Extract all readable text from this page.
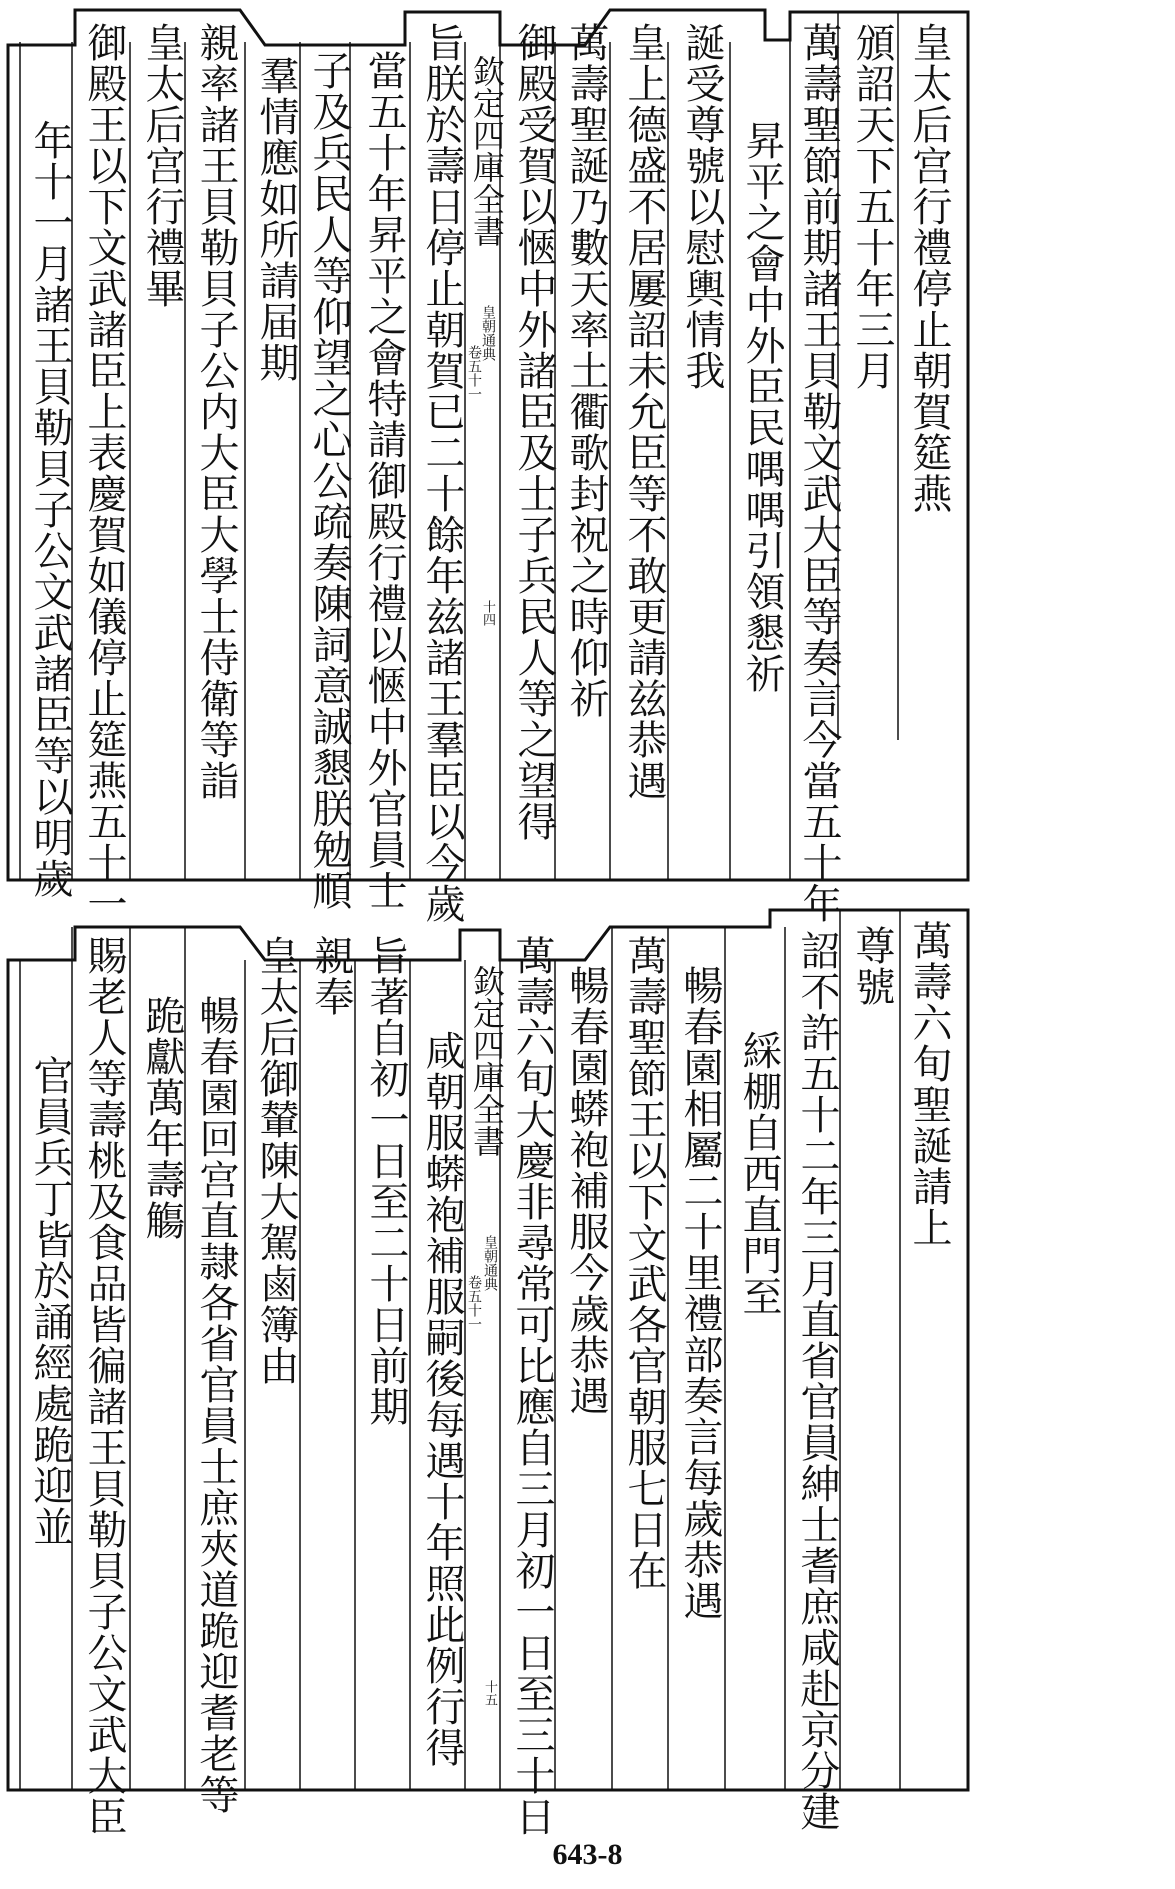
皇太后宫行禮停止朝賀筵燕
頒詔天下五十年三月
萬壽聖節前期諸王貝勒文武大臣等奏言今當五十年
昇平之會中外臣民喁喁引領懇祈
誕受尊號以慰輿情我
皇上德盛不居屢詔未允臣等不敢更請兹恭遇
萬壽聖誕乃數天率土衢歌封祝之時仰祈
御殿受賀以愜中外諸臣及士子兵民人等之望得
欽定四庫全書
皇朝通典
卷五十一
十四
旨朕於壽日停止朝賀已二十餘年兹諸王羣臣以今歲
當五十年昇平之會特請御殿行禮以愜中外官員士
子及兵民人等仰望之心公疏奏陳詞意誠懇朕勉順
羣情應如所請届期
親率諸王貝勒貝子公内大臣大學士侍衛等詣
皇太后宫行禮畢
御殿王以下文武諸臣上表慶賀如儀停止筵燕五十一
年十一月諸王貝勒貝子公文武諸臣等以明歲
萬壽六旬聖誕請上
尊號
詔不許五十二年三月直省官員紳士耆庶咸赴京分建
綵棚自西直門至
暢春園相屬二十里禮部奏言每歲恭遇
萬壽聖節王以下文武各官朝服七日在
暢春園蟒袍補服今歲恭遇
萬壽六旬大慶非尋常可比應自三月初一日至三十日
欽定四庫全書
皇朝通典
卷五十一
十五
咸朝服蟒袍補服嗣後每遇十年照此例行得
旨著自初一日至二十日前期
親奉
皇太后御輦陳大駕鹵簿由
暢春園回宫直隷各省官員士庶夾道跪迎耆老等
跪獻萬年壽觴
賜老人等壽桃及食品皆徧諸王貝勒貝子公文武大臣
官員兵丁皆於誦經處跪迎並
643-8
